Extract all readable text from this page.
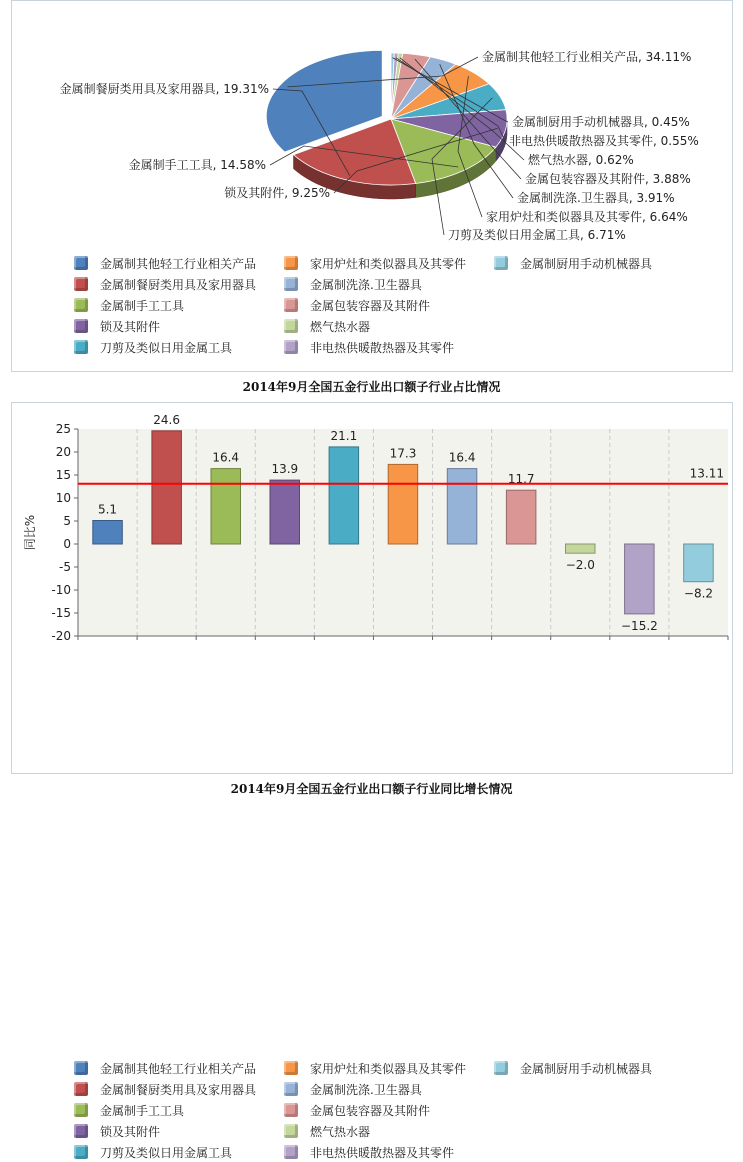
金属制其他轻工行业相关产品, 34.11%
金属制厨用手动机械器具, 0.45%
非电热供暖散热器及其零件, 0.55%
燃气热水器, 0.62%
金属包装容器及其附件, 3.88%
金属制洗涤.卫生器具, 3.91%
家用炉灶和类似器具及其零件, 6.64%
刀剪及类似日用金属工具, 6.71%
锁及其附件, 9.25%
金属制手工工具, 14.58%
金属制餐厨类用具及家用器具, 19.31%
金属制其他轻工行业相关产品	家用炉灶和类似器具及其零件	金属制厨用手动机械器具
金属制餐厨类用具及家用器具	金属制洗涤.卫生器具
金属制手工工具	金属包装容器及其附件
锁及其附件	燃气热水器
刀剪及类似日用金属工具	非电热供暖散热器及其零件
2014年9月全国五金行业出口额子行业占比情况
25
20
15
10
5
0
-5
-10
-15
-20
同比%
5.1
24.6
16.4
13.9
21.1
17.3	16.4
11.7
−2.0
−15.2
−8.2
13.11
金属制其他轻工行业相关产品	家用炉灶和类似器具及其零件	金属制厨用手动机械器具
金属制餐厨类用具及家用器具	金属制洗涤.卫生器具
金属制手工工具	金属包装容器及其附件
锁及其附件	燃气热水器
刀剪及类似日用金属工具	非电热供暖散热器及其零件
2014年9月全国五金行业出口额子行业同比增长情况
